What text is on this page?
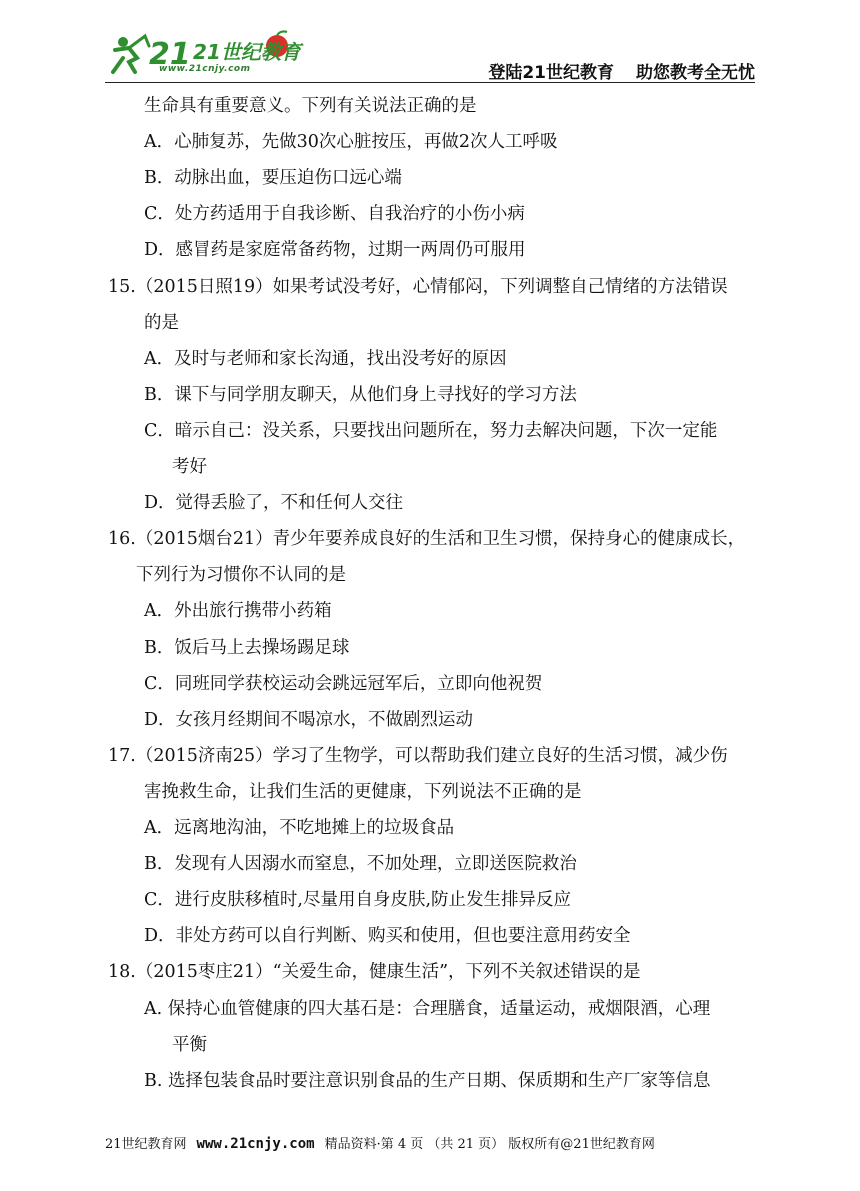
21
www.21cnjy.com
21世纪教育
登陆21世纪教育 助您教考全无忧
生命具有重要意义。下列有关说法正确的是
A．心肺复苏，先做30次心脏按压，再做2次人工呼吸
B．动脉出血，要压迫伤口远心端
C．处方药适用于自我诊断、自我治疗的小伤小病
D．感冒药是家庭常备药物，过期一两周仍可服用
15.（2015日照19）如果考试没考好，心情郁闷，下列调整自己情绪的方法错误
的是
A．及时与老师和家长沟通，找出没考好的原因
B．课下与同学朋友聊天，从他们身上寻找好的学习方法
C．暗示自己：没关系，只要找出问题所在，努力去解决问题，下次一定能
考好
D．觉得丢脸了，不和任何人交往
16.（2015烟台21）青少年要养成良好的生活和卫生习惯，保持身心的健康成长，
下列行为习惯你不认同的是
A．外出旅行携带小药箱
B．饭后马上去操场踢足球
C．同班同学获校运动会跳远冠军后，立即向他祝贺
D．女孩月经期间不喝凉水，不做剧烈运动
17.（2015济南25）学习了生物学，可以帮助我们建立良好的生活习惯，减少伤
害挽救生命，让我们生活的更健康，下列说法不正确的是
A．远离地沟油，不吃地摊上的垃圾食品
B．发现有人因溺水而窒息，不加处理，立即送医院救治
C．进行皮肤移植时,尽量用自身皮肤,防止发生排异反应
D．非处方药可以自行判断、购买和使用，但也要注意用药安全
18.（2015枣庄21）“关爱生命，健康生活”，下列不关叙述错误的是
A. 保持心血管健康的四大基石是：合理膳食，适量运动，戒烟限酒，心理
平衡
B. 选择包装食品时要注意识别食品的生产日期、保质期和生产厂家等信息
21世纪教育网 www.21cnjy.com 精品资料·第 4 页 （共 21 页） 版权所有@21世纪教育网
